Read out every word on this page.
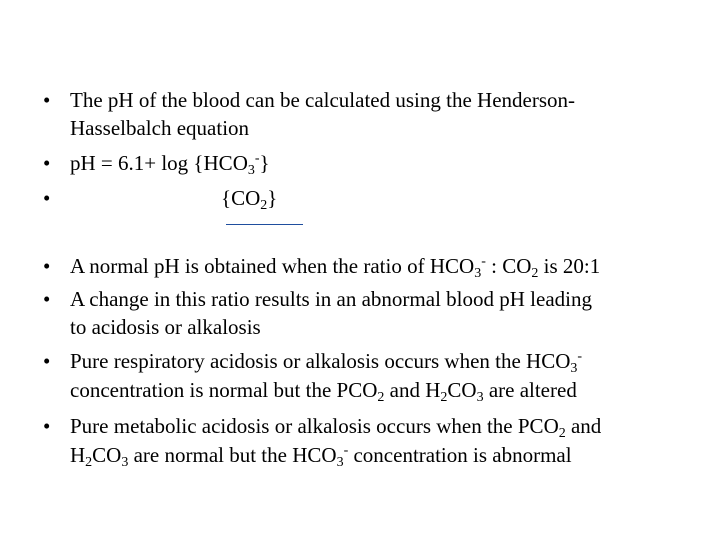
• The pH of the blood can be calculated using the Henderson-
Hasselbalch equation
• pH = $6.1+ \log \{HCO_3^-\}$
•	$\{CO_2\}$
• A normal pH is obtained when the ratio of $HCO_3^-$ : $CO_2$ is 20:1
• A change in this ratio results in an abnormal blood pH leading
to acidosis or alkalosis
• Pure respiratory acidosis or alkalosis occurs when the $HCO_3^-$
concentration is normal but the $PCO_2$ and $H_2CO_3$ are altered
• Pure metabolic acidosis or alkalosis occurs when the $PCO_2$ and
$H_2CO_3$ are normal but the $HCO_3^-$ concentration is abnormal
